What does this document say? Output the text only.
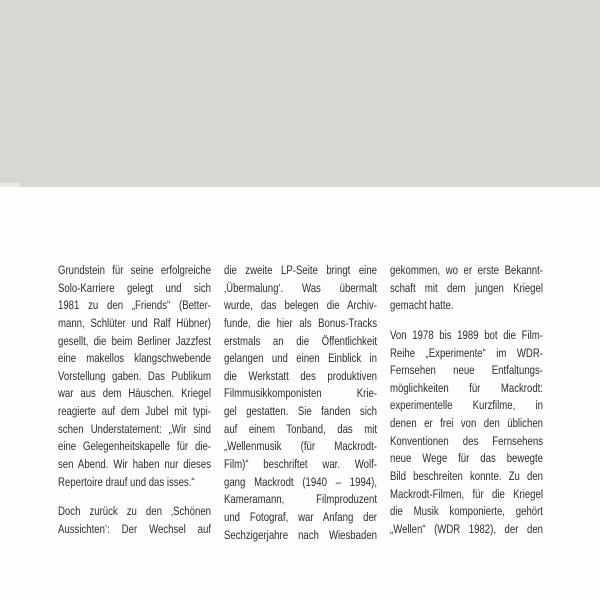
Grundstein für seine erfolgreiche
Solo-Karriere gelegt und sich
1981 zu den „Friends“ (Better-
mann, Schlüter und Ralf Hübner)
gesellt, die beim Berliner Jazzfest
eine makellos klangschwebende
Vorstellung gaben. Das Publikum
war aus dem Häuschen. Kriegel
reagierte auf dem Jubel mit typi-
schen Understatement: „Wir sind
eine Gelegenheitskapelle für die-
sen Abend. Wir haben nur dieses
Repertoire drauf und das isses.“
Doch zurück zu den ‚Schönen
Aussichten‘: Der Wechsel auf
die zweite LP-Seite bringt eine
‚Übermalung‘. Was übermalt
wurde, das belegen die Archiv-
funde, die hier als Bonus-Tracks
erstmals an die Öffentlichkeit
gelangen und einen Einblick in
die Werkstatt des produktiven
Filmmusikkomponisten Krie-
gel gestatten. Sie fanden sich
auf einem Tonband, das mit
„Wellenmusik (für Mackrodt-
Film)“ beschriftet war. Wolf-
gang Mackrodt (1940 – 1994),
Kameramann, Filmproduzent
und Fotograf, war Anfang der
Sechzigerjahre nach Wiesbaden
gekommen, wo er erste Bekannt-
schaft mit dem jungen Kriegel
gemacht hatte.
Von 1978 bis 1989 bot die Film-
Reihe „Experimente“ im WDR-
Fernsehen neue Entfaltungs-
möglichkeiten für Mackrodt:
experimentelle Kurzfilme, in
denen er frei von den üblichen
Konventionen des Fernsehens
neue Wege für das bewegte
Bild beschreiten konnte. Zu den
Mackrodt-Filmen, für die Kriegel
die Musik komponierte, gehört
„Wellen“ (WDR 1982), der den
